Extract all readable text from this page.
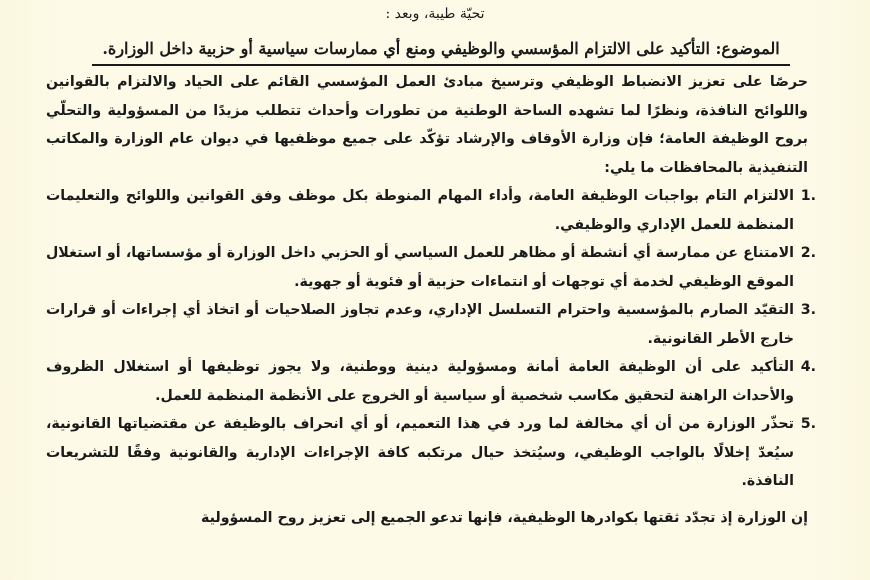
تحيّة طيبة، وبعد :
الموضوع: التأكيد على الالتزام المؤسسي والوظيفي ومنع أي ممارسات سياسية أو حزبية داخل الوزارة.

حرصًا على تعزيز الانضباط الوظيفي وترسيخ مبادئ العمل المؤسسي القائم على الحياد والالتزام بالقوانين واللوائح النافذة، ونظرًا لما تشهده الساحة الوطنية من تطورات وأحداث تتطلب مزيدًا من المسؤولية والتحلّي بروح الوظيفة العامة؛ فإن وزارة الأوقاف والإرشاد تؤكّد على جميع موظفيها في ديوان عام الوزارة والمكاتب التنفيذية بالمحافظات ما يلي:

1.
الالتزام التام بواجبات الوظيفة العامة، وأداء المهام المنوطة بكل موظف وفق القوانين واللوائح والتعليمات المنظمة للعمل الإداري والوظيفي.
2.
الامتناع عن ممارسة أي أنشطة أو مظاهر للعمل السياسي أو الحزبي داخل الوزارة أو مؤسساتها، أو استغلال الموقع الوظيفي لخدمة أي توجهات أو انتماءات حزبية أو فئوية أو جهوية.
3.
التقيّد الصارم بالمؤسسية واحترام التسلسل الإداري، وعدم تجاوز الصلاحيات أو اتخاذ أي إجراءات أو قرارات خارج الأطر القانونية.
4.
التأكيد على أن الوظيفة العامة أمانة ومسؤولية دينية ووطنية، ولا يجوز توظيفها أو استغلال الظروف والأحداث الراهنة لتحقيق مكاسب شخصية أو سياسية أو الخروج على الأنظمة المنظمة للعمل.
5.
تحذّر الوزارة من أن أي مخالفة لما ورد في هذا التعميم، أو أي انحراف بالوظيفة عن مقتضياتها القانونية، سيُعدّ إخلالًا بالواجب الوظيفي، وسيُتخذ حيال مرتكبه كافة الإجراءات الإدارية والقانونية وفقًا للتشريعات النافذة.
إن الوزارة إذ تجدّد ثقتها بكوادرها الوظيفية، فإنها تدعو الجميع إلى تعزيز روح المسؤولية
